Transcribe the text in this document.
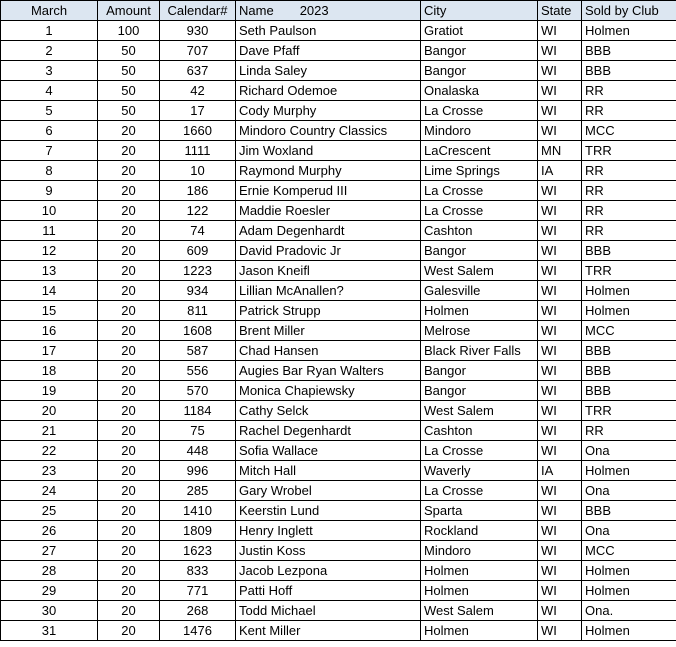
March	Amount	Calendar#	Name 2023	City	State	Sold by Club
1	100	930	Seth Paulson	Gratiot	WI	Holmen
2	50	707	Dave Pfaff	Bangor	WI	BBB
3	50	637	Linda Saley	Bangor	WI	BBB
4	50	42	Richard Odemoe	Onalaska	WI	RR
5	50	17	Cody Murphy	La Crosse	WI	RR
6	20	1660	Mindoro Country Classics	Mindoro	WI	MCC
7	20	1111	Jim Woxland	LaCrescent	MN	TRR
8	20	10	Raymond Murphy	Lime Springs	IA	RR
9	20	186	Ernie Komperud III	La Crosse	WI	RR
10	20	122	Maddie Roesler	La Crosse	WI	RR
11	20	74	Adam Degenhardt	Cashton	WI	RR
12	20	609	David Pradovic Jr	Bangor	WI	BBB
13	20	1223	Jason Kneifl	West Salem	WI	TRR
14	20	934	Lillian McAnallen?	Galesville	WI	Holmen
15	20	811	Patrick Strupp	Holmen	WI	Holmen
16	20	1608	Brent Miller	Melrose	WI	MCC
17	20	587	Chad Hansen	Black River Falls	WI	BBB
18	20	556	Augies Bar Ryan Walters	Bangor	WI	BBB
19	20	570	Monica Chapiewsky	Bangor	WI	BBB
20	20	1184	Cathy Selck	West Salem	WI	TRR
21	20	75	Rachel Degenhardt	Cashton	WI	RR
22	20	448	Sofia Wallace	La Crosse	WI	Ona
23	20	996	Mitch Hall	Waverly	IA	Holmen
24	20	285	Gary Wrobel	La Crosse	WI	Ona
25	20	1410	Keerstin Lund	Sparta	WI	BBB
26	20	1809	Henry Inglett	Rockland	WI	Ona
27	20	1623	Justin Koss	Mindoro	WI	MCC
28	20	833	Jacob Lezpona	Holmen	WI	Holmen
29	20	771	Patti Hoff	Holmen	WI	Holmen
30	20	268	Todd Michael	West Salem	WI	Ona.
31	20	1476	Kent Miller	Holmen	WI	Holmen
